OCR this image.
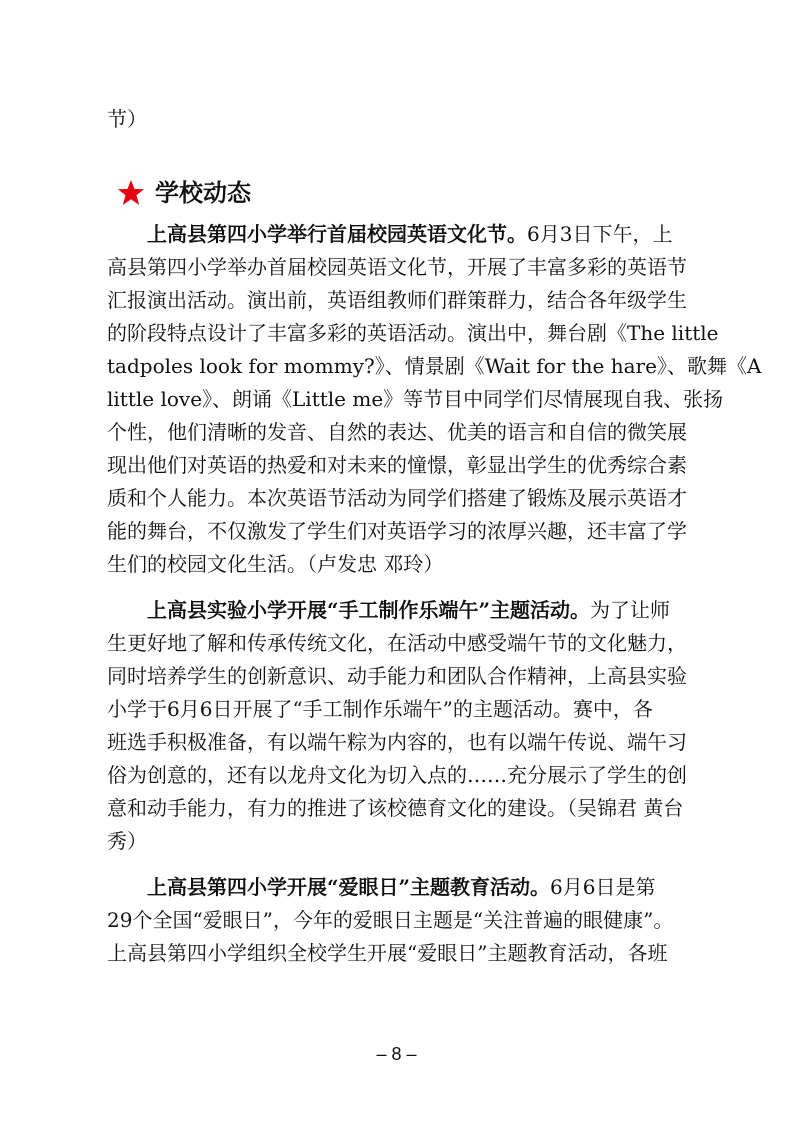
节）
学校动态
上高县第四小学举行首届校园英语文化节。6月3日下午，上
高县第四小学举办首届校园英语文化节，开展了丰富多彩的英语节
汇报演出活动。演出前，英语组教师们群策群力，结合各年级学生
的阶段特点设计了丰富多彩的英语活动。演出中，舞台剧《The little
tadpoles look for mommy?》、情景剧《Wait for the hare》、歌舞《A
little love》、朗诵《Little me》等节目中同学们尽情展现自我、张扬
个性，他们清晰的发音、自然的表达、优美的语言和自信的微笑展
现出他们对英语的热爱和对未来的憧憬，彰显出学生的优秀综合素
质和个人能力。本次英语节活动为同学们搭建了锻炼及展示英语才
能的舞台，不仅激发了学生们对英语学习的浓厚兴趣，还丰富了学
生们的校园文化生活。（卢发忠 邓玲）
上高县实验小学开展“手工制作乐端午”主题活动。为了让师
生更好地了解和传承传统文化，在活动中感受端午节的文化魅力，
同时培养学生的创新意识、动手能力和团队合作精神，上高县实验
小学于6月6日开展了“手工制作乐端午”的主题活动。赛中，各
班选手积极准备，有以端午粽为内容的，也有以端午传说、端午习
俗为创意的，还有以龙舟文化为切入点的……充分展示了学生的创
意和动手能力，有力的推进了该校德育文化的建设。（吴锦君 黄台
秀）
上高县第四小学开展“爱眼日”主题教育活动。6月6日是第
29个全国“爱眼日”，今年的爱眼日主题是“关注普遍的眼健康”。
上高县第四小学组织全校学生开展“爱眼日”主题教育活动，各班
– 8 –
